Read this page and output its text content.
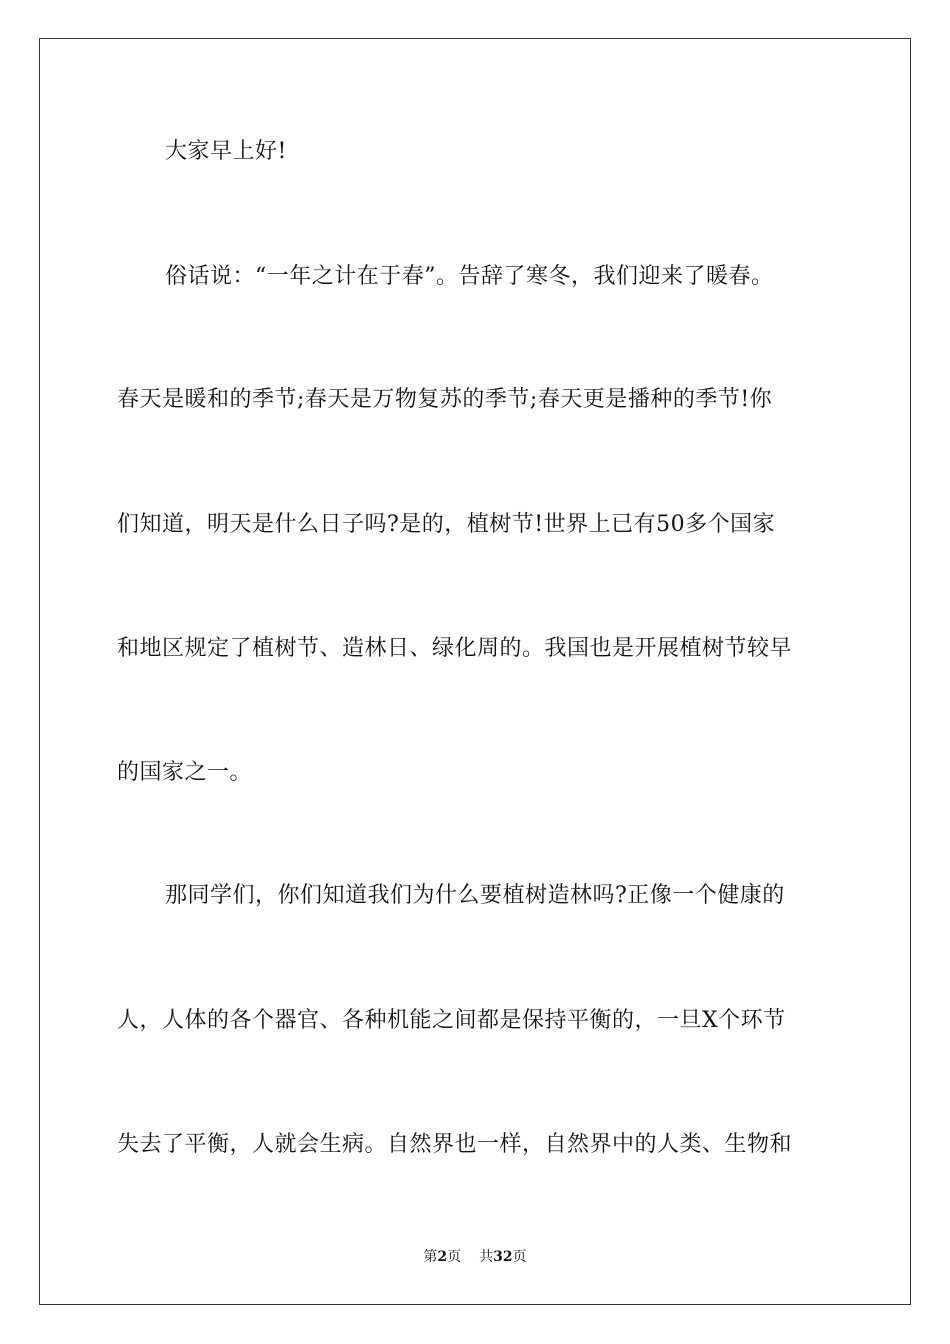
大家早上好!
俗话说：“一年之计在于春”。告辞了寒冬，我们迎来了暖春。
春天是暖和的季节;春天是万物复苏的季节;春天更是播种的季节!你
们知道，明天是什么日子吗?是的，植树节!世界上已有50多个国家
和地区规定了植树节、造林日、绿化周的。我国也是开展植树节较早
的国家之一。
那同学们，你们知道我们为什么要植树造林吗?正像一个健康的
人，人体的各个器官、各种机能之间都是保持平衡的，一旦X个环节
失去了平衡，人就会生病。自然界也一样，自然界中的人类、生物和
第2页 共32页
